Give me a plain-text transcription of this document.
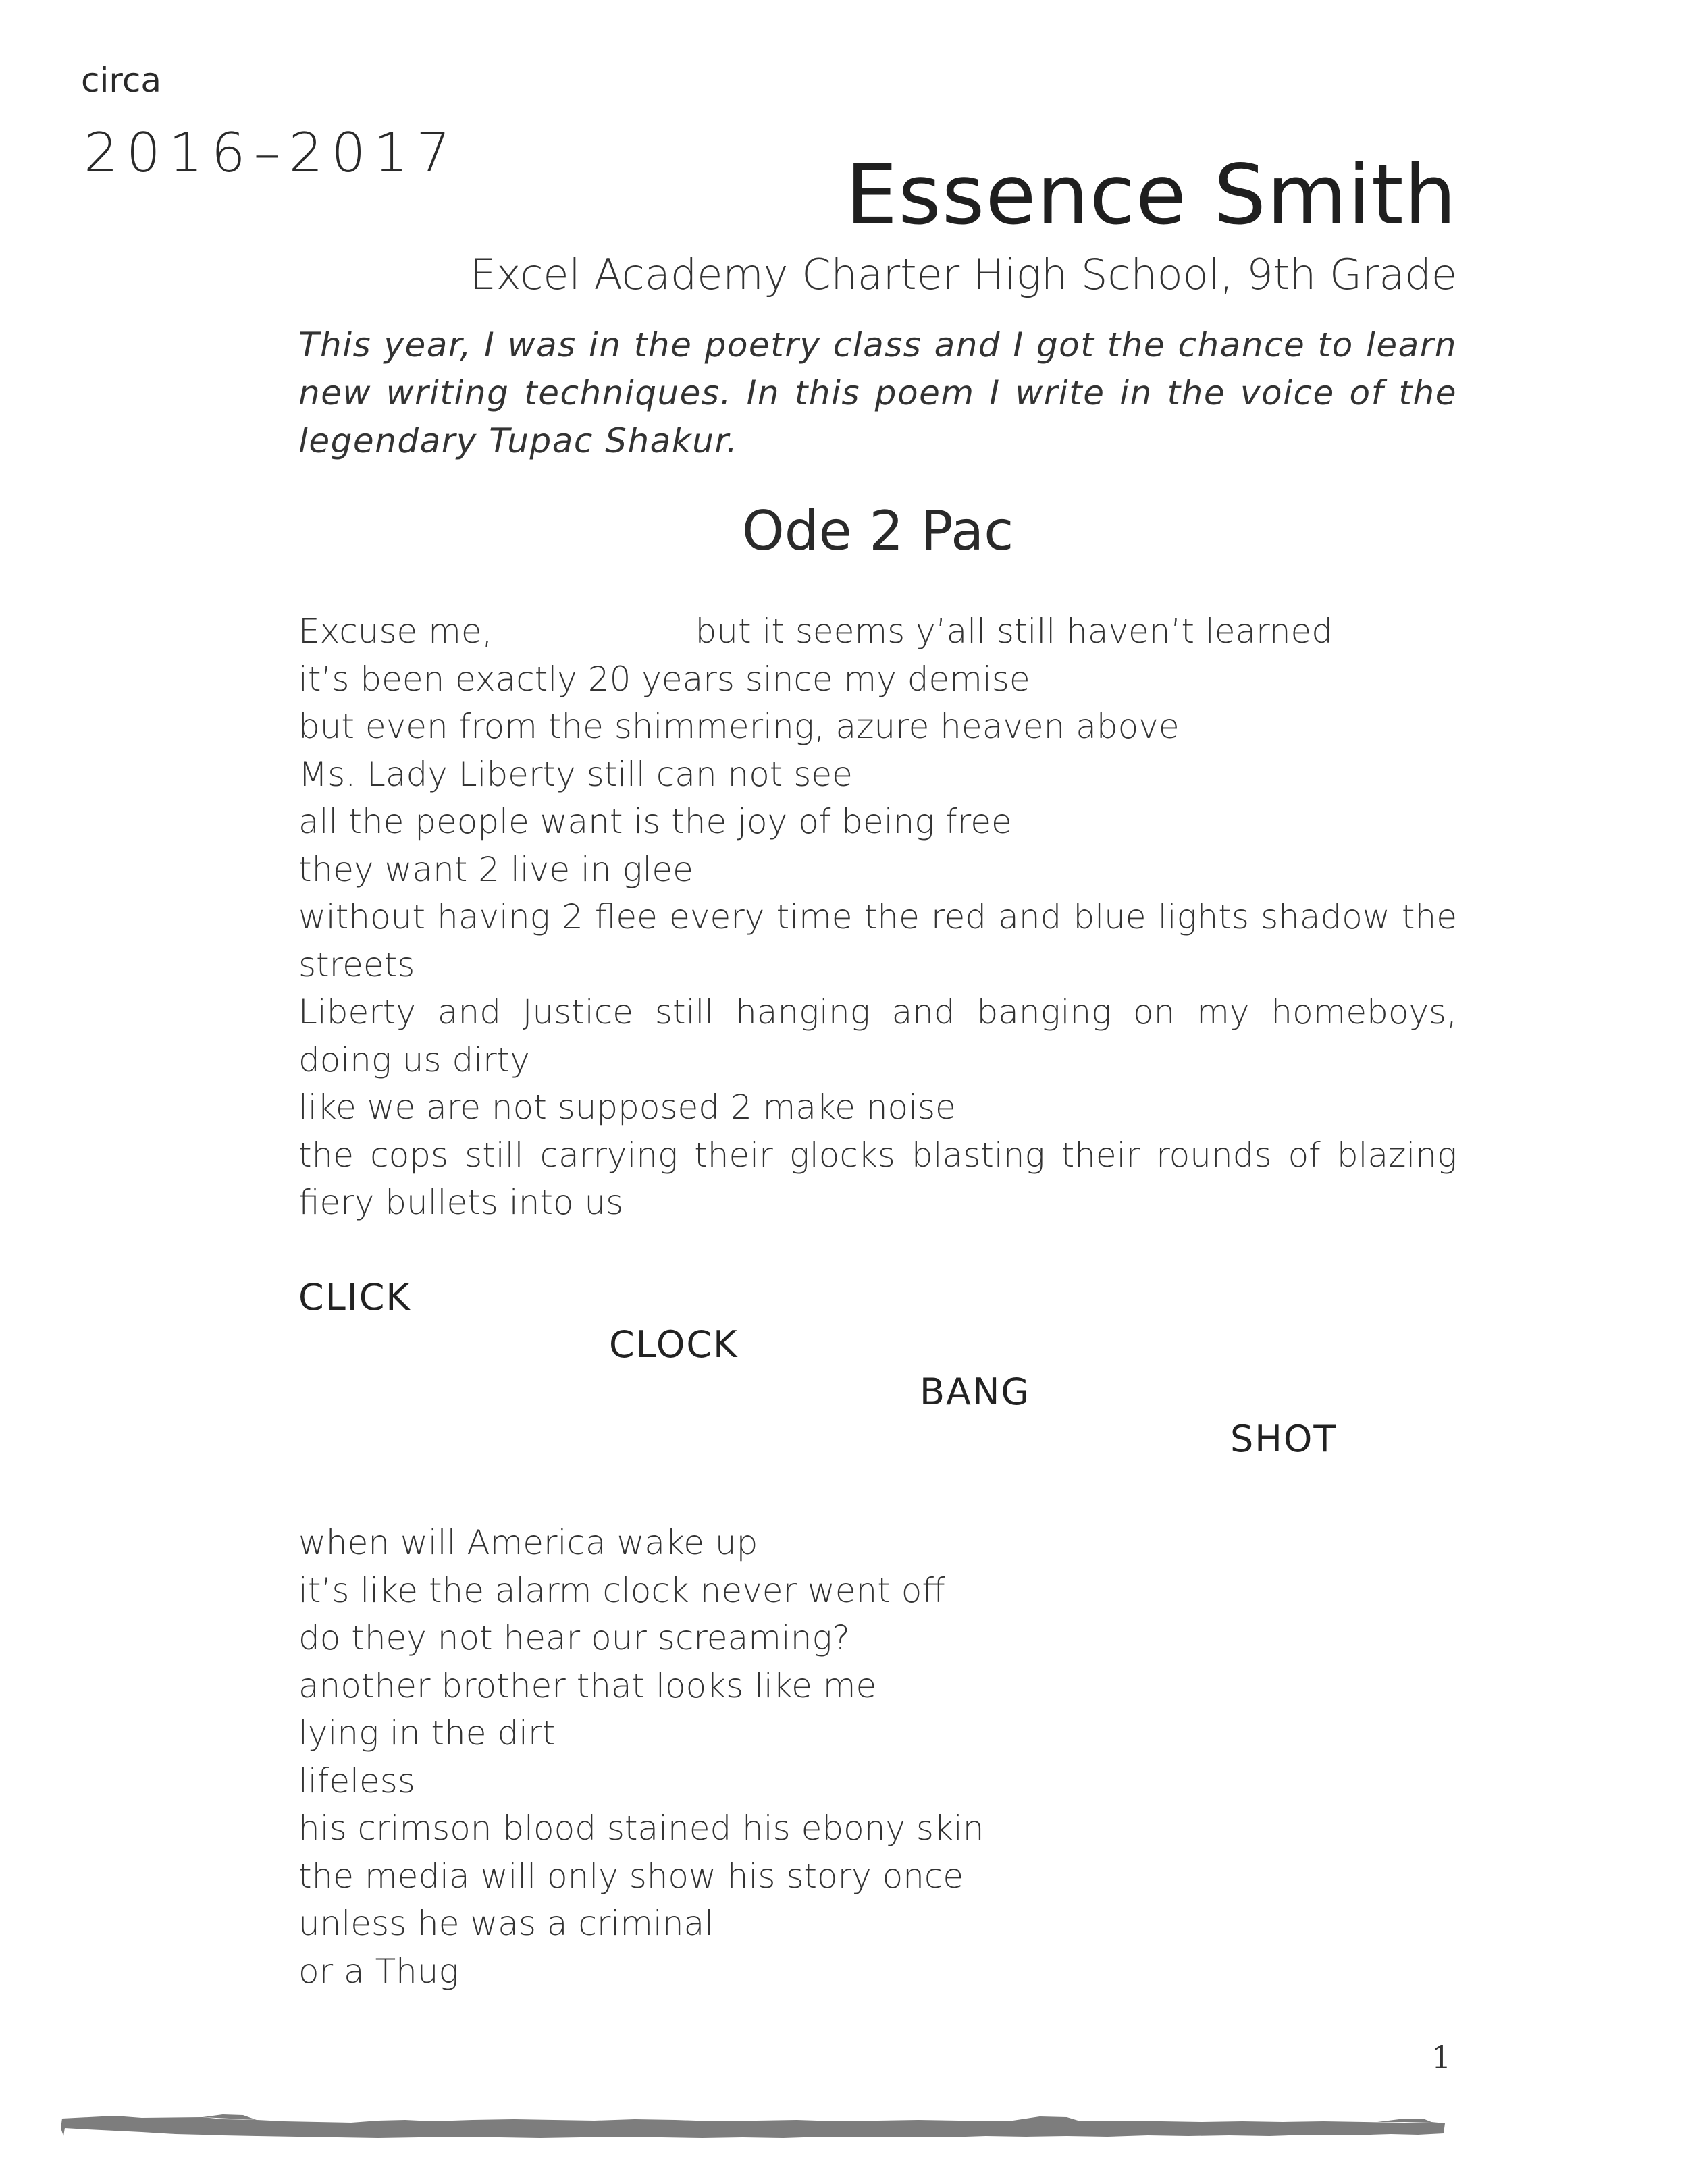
circa
2016–2017	Essence Smith
Excel Academy Charter High School, 9th Grade
This year, I was in the poetry class and I got the chance to learn new writing techniques. In this poem I write in the voice of the legendary Tupac Shakur.
Ode 2 Pac
Excuse me,	but it seems y’all still haven’t learned
it’s been exactly 20 years since my demise
but even from the shimmering, azure heaven above
Ms. Lady Liberty still can not see
all the people want is the joy of being free
they want 2 live in glee
without having 2 flee every time the red and blue lights shadow the streets
Liberty and Justice still hanging and banging on my homeboys, doing us dirty
like we are not supposed 2 make noise
the cops still carrying their glocks blasting their rounds of blazing fiery bullets into us
CLICK
CLOCK
BANG
SHOT
when will America wake up
it’s like the alarm clock never went off
do they not hear our screaming?
another brother that looks like me
lying in the dirt
lifeless
his crimson blood stained his ebony skin
the media will only show his story once
unless he was a criminal
or a Thug
1
